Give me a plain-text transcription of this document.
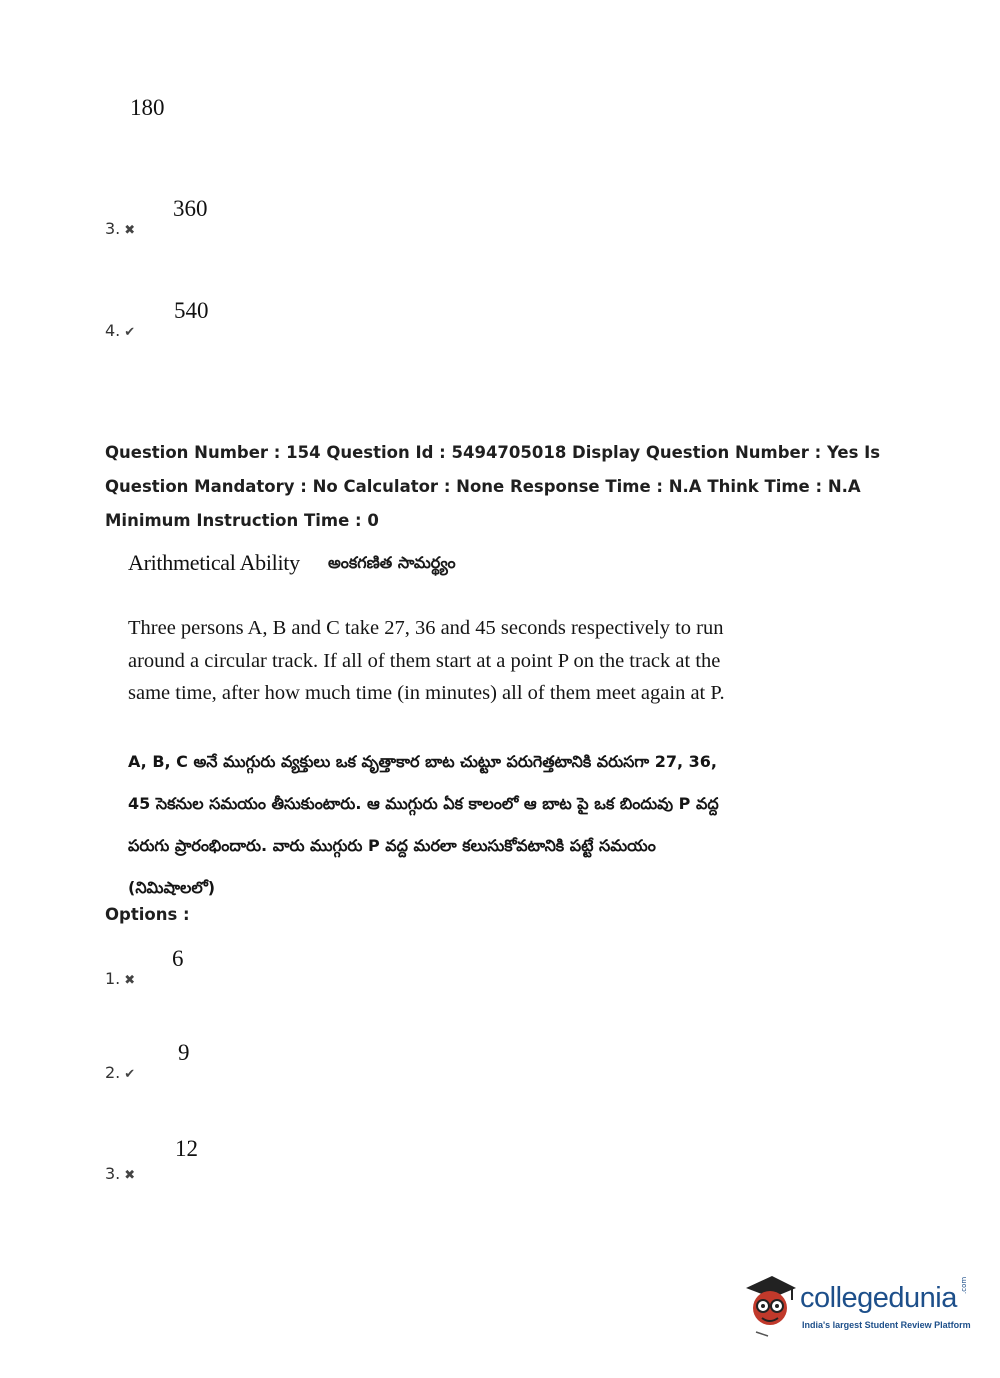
180
3. ✖
360
4. ✔
540
Question Number : 154 Question Id : 5494705018 Display Question Number : Yes Is Question Mandatory : No Calculator : None Response Time : N.A Think Time : N.A Minimum Instruction Time : 0
Arithmetical Ability అంకగణిత సామర్థ్యం
Three persons A, B and C take 27, 36 and 45 seconds respectively to run around a circular track. If all of them start at a point P on the track at the same time, after how much time (in minutes) all of them meet again at P.
A, B, C అనే ముగ్గురు వ్యక్తులు ఒక వృత్తాకార బాట చుట్టూ పరుగెత్తటానికి వరుసగా 27, 36, 45 సెకనుల సమయం తీసుకుంటారు. ఆ ముగ్గురు ఏక కాలంలో ఆ బాట పై ఒక బిందువు P వద్ద పరుగు ప్రారంభిందారు. వారు ముగ్గురు P వద్ద మరలా కలుసుకోవటానికి పట్టే సమయం (నిమిషాలలో)
Options :
1. ✖
6
2. ✔
9
3. ✖
12
collegedunia .com
India's largest Student Review Platform
